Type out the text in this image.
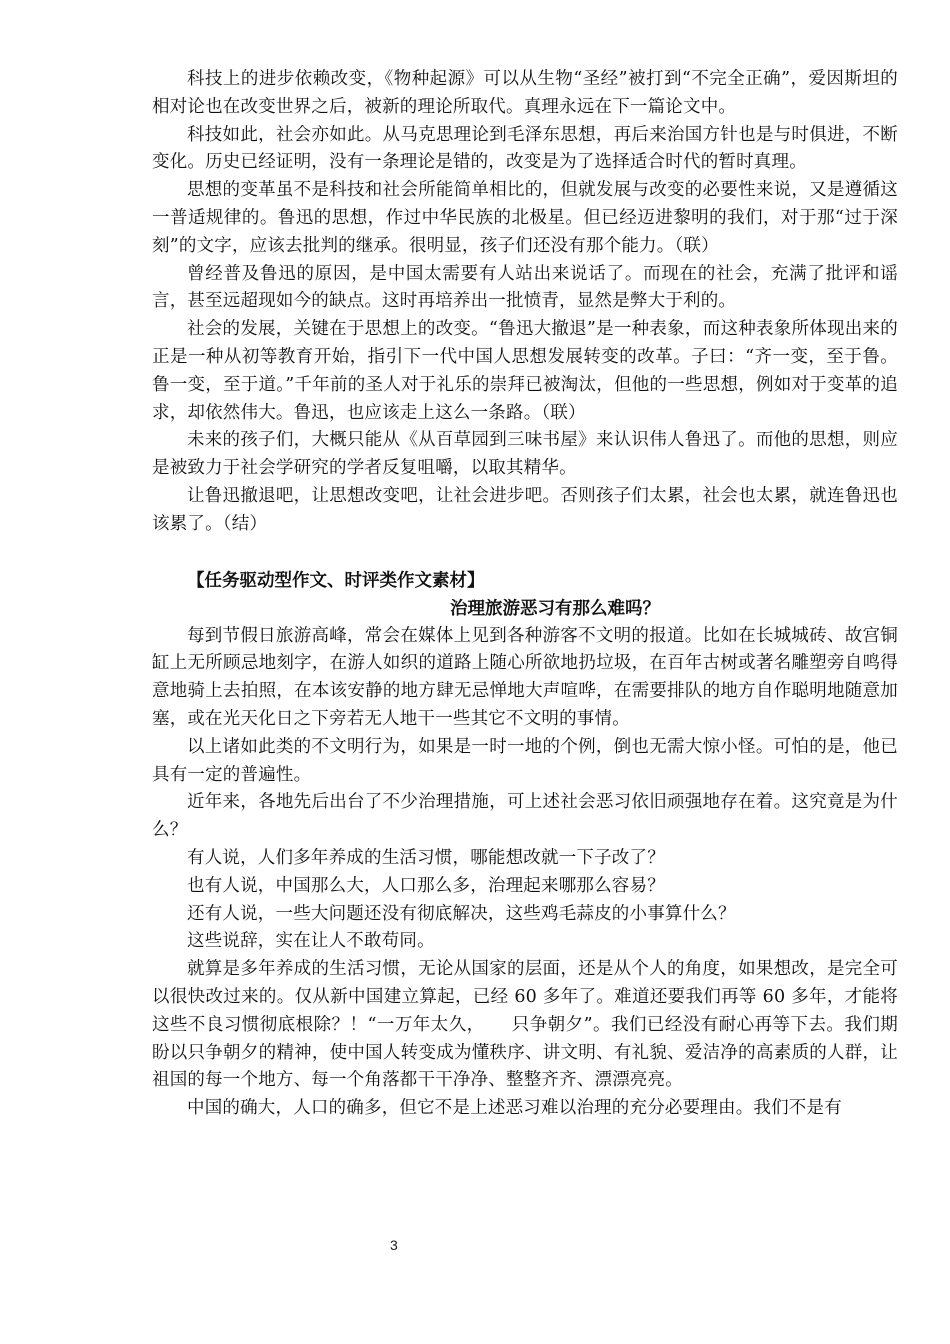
科技上的进步依赖改变，《物种起源》可以从生物“圣经”被打到“不完全正确”，爱因斯坦的相对论也在改变世界之后，被新的理论所取代。真理永远在下一篇论文中。

科技如此，社会亦如此。从马克思理论到毛泽东思想，再后来治国方针也是与时俱进，不断变化。历史已经证明，没有一条理论是错的，改变是为了选择适合时代的暂时真理。

思想的变革虽不是科技和社会所能简单相比的，但就发展与改变的必要性来说，又是遵循这一普适规律的。鲁迅的思想，作过中华民族的北极星。但已经迈进黎明的我们，对于那“过于深刻”的文字，应该去批判的继承。很明显，孩子们还没有那个能力。（联）

曾经普及鲁迅的原因，是中国太需要有人站出来说话了。而现在的社会，充满了批评和谣言，甚至远超现如今的缺点。这时再培养出一批愤青，显然是弊大于利的。

社会的发展，关键在于思想上的改变。“鲁迅大撤退”是一种表象，而这种表象所体现出来的正是一种从初等教育开始，指引下一代中国人思想发展转变的改革。子曰：“齐一变，至于鲁。鲁一变，至于道。”千年前的圣人对于礼乐的崇拜已被淘汰，但他的一些思想，例如对于变革的追求，却依然伟大。鲁迅，也应该走上这么一条路。（联）

未来的孩子们，大概只能从《从百草园到三味书屋》来认识伟人鲁迅了。而他的思想，则应是被致力于社会学研究的学者反复咀嚼，以取其精华。

让鲁迅撤退吧，让思想改变吧，让社会进步吧。否则孩子们太累，社会也太累，就连鲁迅也该累了。（结）

【任务驱动型作文、时评类作文素材】

治理旅游恶习有那么难吗？

每到节假日旅游高峰，常会在媒体上见到各种游客不文明的报道。比如在长城城砖、故宫铜缸上无所顾忌地刻字，在游人如织的道路上随心所欲地扔垃圾，在百年古树或著名雕塑旁自鸣得意地骑上去拍照，在本该安静的地方肆无忌惮地大声喧哗，在需要排队的地方自作聪明地随意加塞，或在光天化日之下旁若无人地干一些其它不文明的事情。

以上诸如此类的不文明行为，如果是一时一地的个例，倒也无需大惊小怪。可怕的是，他已具有一定的普遍性。

近年来，各地先后出台了不少治理措施，可上述社会恶习依旧顽强地存在着。这究竟是为什么？

有人说，人们多年养成的生活习惯，哪能想改就一下子改了？

也有人说，中国那么大，人口那么多，治理起来哪那么容易？

还有人说，一些大问题还没有彻底解决，这些鸡毛蒜皮的小事算什么？

这些说辞，实在让人不敢苟同。

就算是多年养成的生活习惯，无论从国家的层面，还是从个人的角度，如果想改，是完全可以很快改过来的。仅从新中国建立算起，已经 60 多年了。难道还要我们再等 60 多年，才能将这些不良习惯彻底根除？！“一万年太久，　　只争朝夕”。我们已经没有耐心再等下去。我们期盼以只争朝夕的精神，使中国人转变成为懂秩序、讲文明、有礼貌、爱洁净的高素质的人群，让祖国的每一个地方、每一个角落都干干净净、整整齐齐、漂漂亮亮。

中国的确大，人口的确多，但它不是上述恶习难以治理的充分必要理由。我们不是有

3
